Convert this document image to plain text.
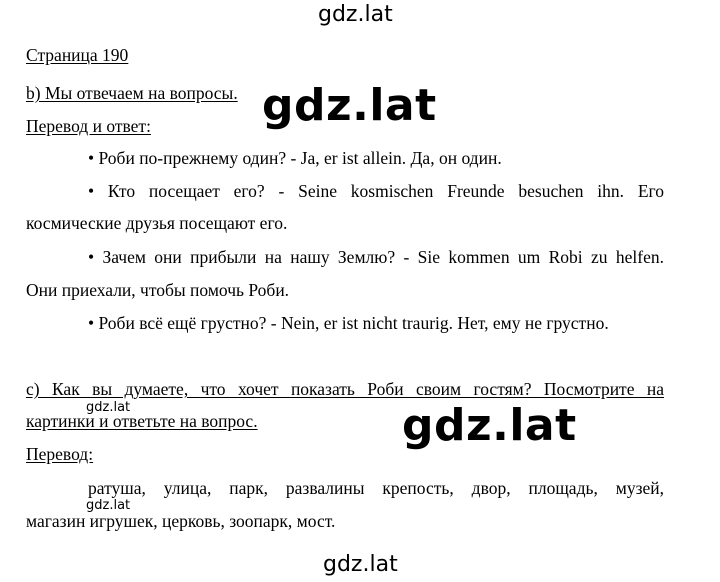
gdz.lat
gdz.lat
gdz.lat
gdz.lat
gdz.lat
gdz.lat
Страница 190
b) Мы отвечаем на вопросы.
Перевод и ответ:
• Роби по-прежнему один? - Ja, er ist allein. Да, он один.
• Кто посещает его? - Seine kosmischen Freunde besuchen ihn. Его
космические друзья посещают его.
• Зачем они прибыли на нашу Землю? - Sie kommen um Robi zu helfen.
Они приехали, чтобы помочь Роби.
• Роби всё ещё грустно? - Nein, er ist nicht traurig. Нет, ему не грустно.
c) Как вы думаете, что хочет показать Роби своим гостям? Посмотрите на
картинки и ответьте на вопрос.
Перевод:
ратуша, улица, парк, развалины крепость, двор, площадь, музей,
магазин игрушек, церковь, зоопарк, мост.
